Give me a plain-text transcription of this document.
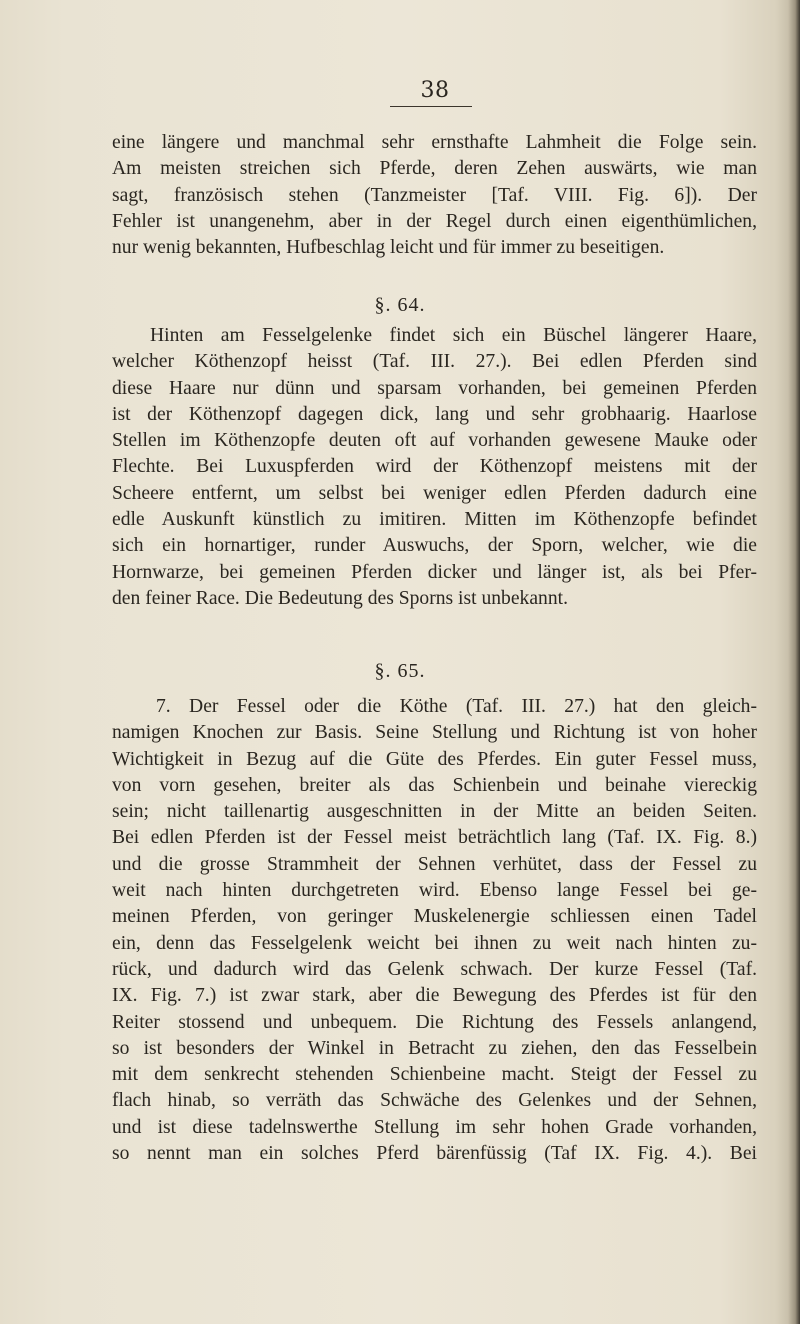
38
eine längere und manchmal sehr ernsthafte Lahmheit die Folge sein.
Am meisten streichen sich Pferde, deren Zehen auswärts, wie man
sagt, französisch stehen (Tanzmeister [Taf. VIII. Fig. 6]). Der
Fehler ist unangenehm, aber in der Regel durch einen eigenthümlichen,
nur wenig bekannten, Hufbeschlag leicht und für immer zu beseitigen.
§. 64.
Hinten am Fesselgelenke findet sich ein Büschel längerer Haare,
welcher Köthenzopf heisst (Taf. III. 27.). Bei edlen Pferden sind
diese Haare nur dünn und sparsam vorhanden, bei gemeinen Pferden
ist der Köthenzopf dagegen dick, lang und sehr grobhaarig. Haarlose
Stellen im Köthenzopfe deuten oft auf vorhanden gewesene Mauke oder
Flechte. Bei Luxuspferden wird der Köthenzopf meistens mit der
Scheere entfernt, um selbst bei weniger edlen Pferden dadurch eine
edle Auskunft künstlich zu imitiren. Mitten im Köthenzopfe befindet
sich ein hornartiger, runder Auswuchs, der Sporn, welcher, wie die
Hornwarze, bei gemeinen Pferden dicker und länger ist, als bei Pfer-
den feiner Race. Die Bedeutung des Sporns ist unbekannt.
§. 65.
7. Der Fessel oder die Köthe (Taf. III. 27.) hat den gleich-
namigen Knochen zur Basis. Seine Stellung und Richtung ist von hoher
Wichtigkeit in Bezug auf die Güte des Pferdes. Ein guter Fessel muss,
von vorn gesehen, breiter als das Schienbein und beinahe viereckig
sein; nicht taillenartig ausgeschnitten in der Mitte an beiden Seiten.
Bei edlen Pferden ist der Fessel meist beträchtlich lang (Taf. IX. Fig. 8.)
und die grosse Strammheit der Sehnen verhütet, dass der Fessel zu
weit nach hinten durchgetreten wird. Ebenso lange Fessel bei ge-
meinen Pferden, von geringer Muskelenergie schliessen einen Tadel
ein, denn das Fesselgelenk weicht bei ihnen zu weit nach hinten zu-
rück, und dadurch wird das Gelenk schwach. Der kurze Fessel (Taf.
IX. Fig. 7.) ist zwar stark, aber die Bewegung des Pferdes ist für den
Reiter stossend und unbequem. Die Richtung des Fessels anlangend,
so ist besonders der Winkel in Betracht zu ziehen, den das Fesselbein
mit dem senkrecht stehenden Schienbeine macht. Steigt der Fessel zu
flach hinab, so verräth das Schwäche des Gelenkes und der Sehnen,
und ist diese tadelnswerthe Stellung im sehr hohen Grade vorhanden,
so nennt man ein solches Pferd bärenfüssig (Taf IX. Fig. 4.). Bei
